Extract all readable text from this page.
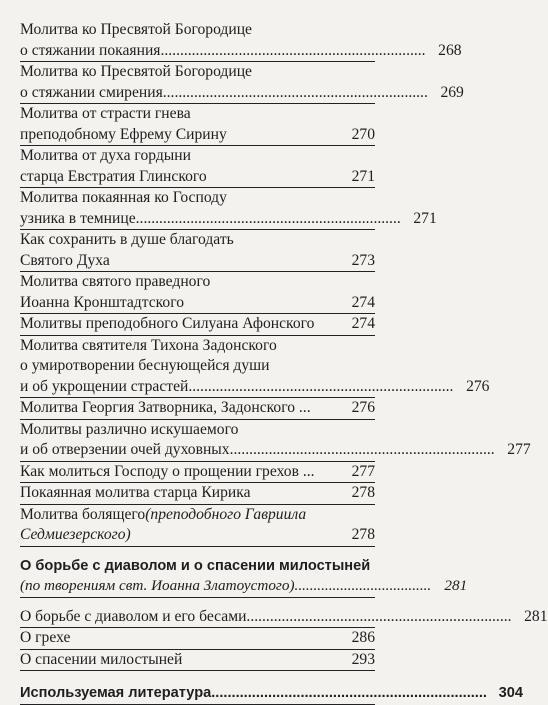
Молитва ко Пресвятой Богородице
о стяжании покаяния .................................................................... 268
Молитва ко Пресвятой Богородице
о стяжании смирения .................................................................... 269
Молитва от страсти гнева
преподобному Ефрему Сирину	270
Молитва от духа гордыни
старца Евстратия Глинского	271
Молитва покаянная ко Господу
узника в темнице .................................................................... 271
Как сохранить в душе благодать
Святого Духа	273
Молитва святого праведного
Иоанна Кронштадтского	274
Молитвы преподобного Силуана Афонского	274
Молитва святителя Тихона Задонского
о умиротворении беснующейся души
и об укрощении страстей .................................................................... 276
Молитва Георгия Затворника, Задонского ...	276
Молитвы различно искушаемого
и об отверзении очей духовных .................................................................... 277
Как молиться Господу о прощении грехов ...	277
Покаянная молитва старца Кирика	278
Молитва болящего (преподобного Гавриила
Седмиезерского)	278
О борьбе с диаволом и о спасении милостыней
(по творениям свт. Иоанна Златоустого) .................................... 281
О борьбе с диаволом и его бесами .................................................................... 281
О грехе	286
О спасении милостыней	293
Используемая литература .................................................................... 304
